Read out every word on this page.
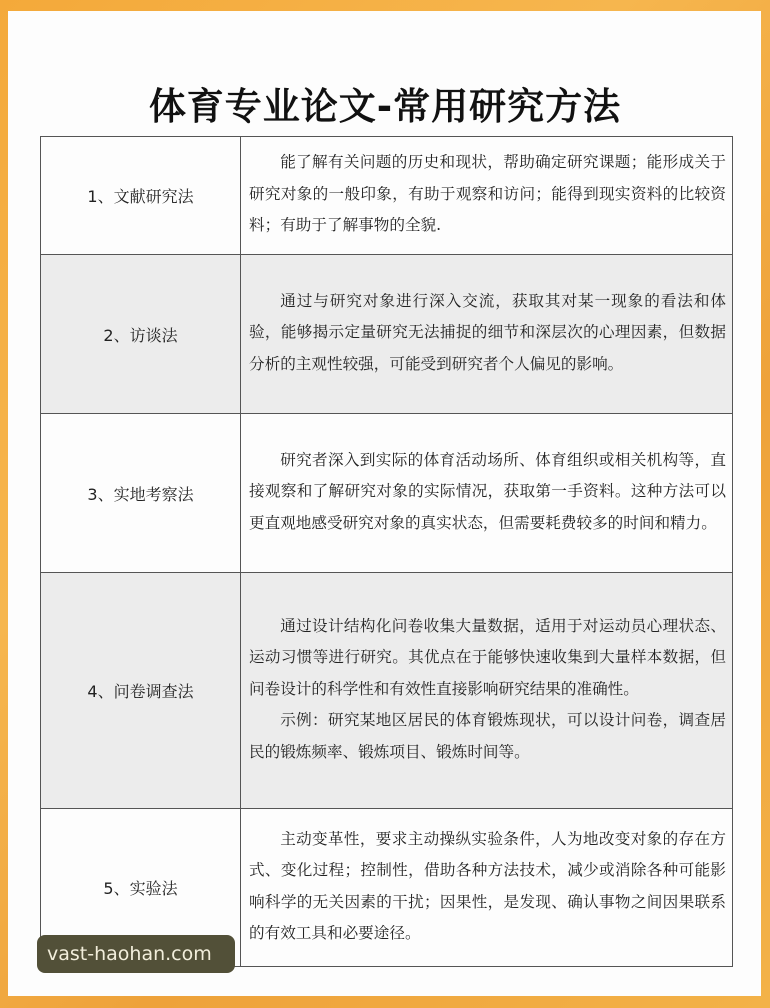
体育专业论文-常用研究方法
1、文献研究法	能了解有关问题的历史和现状，帮助确定研究课题；能形成关于研究对象的一般印象，有助于观察和访问；能得到现实资料的比较资料；有助于了解事物的全貌.

2、访谈法	通过与研究对象进行深入交流，获取其对某一现象的看法和体验，能够揭示定量研究无法捕捉的细节和深层次的心理因素，但数据分析的主观性较强，可能受到研究者个人偏见的影响。

3、实地考察法	研究者深入到实际的体育活动场所、体育组织或相关机构等，直接观察和了解研究对象的实际情况，获取第一手资料。这种方法可以更直观地感受研究对象的真实状态，但需要耗费较多的时间和精力。

4、问卷调查法	通过设计结构化问卷收集大量数据，适用于对运动员心理状态、运动习惯等进行研究。其优点在于能够快速收集到大量样本数据，但问卷设计的科学性和有效性直接影响研究结果的准确性。

示例：研究某地区居民的体育锻炼现状，可以设计问卷，调查居民的锻炼频率、锻炼项目、锻炼时间等。

5、实验法	主动变革性，要求主动操纵实验条件，人为地改变对象的存在方式、变化过程；控制性，借助各种方法技术，减少或消除各种可能影响科学的无关因素的干扰；因果性，是发现、确认事物之间因果联系的有效工具和必要途径。

vast-haohan.com
